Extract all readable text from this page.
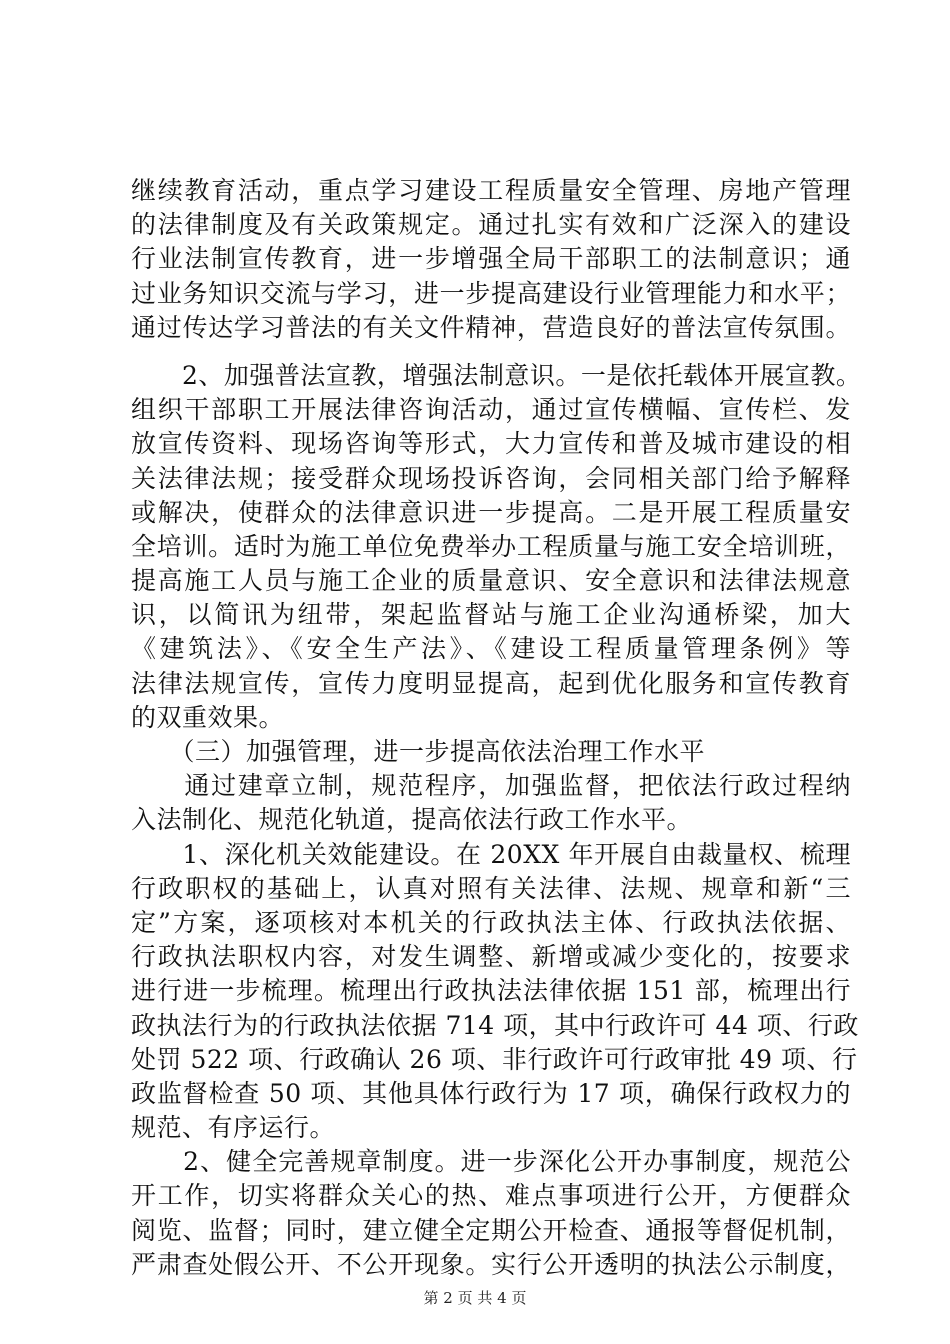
继续教育活动，重点学习建设工程质量安全管理、房地产管理
的法律制度及有关政策规定。通过扎实有效和广泛深入的建设
行业法制宣传教育，进一步增强全局干部职工的法制意识；通
过业务知识交流与学习，进一步提高建设行业管理能力和水平；
通过传达学习普法的有关文件精神，营造良好的普法宣传氛围。
　　2、加强普法宣教，增强法制意识。一是依托载体开展宣教。
组织干部职工开展法律咨询活动，通过宣传横幅、宣传栏、发
放宣传资料、现场咨询等形式，大力宣传和普及城市建设的相
关法律法规；接受群众现场投诉咨询，会同相关部门给予解释
或解决，使群众的法律意识进一步提高。二是开展工程质量安
全培训。适时为施工单位免费举办工程质量与施工安全培训班，
提高施工人员与施工企业的质量意识、安全意识和法律法规意
识，以简讯为纽带，架起监督站与施工企业沟通桥梁，加大
《建筑法》、《安全生产法》、《建设工程质量管理条例》等
法律法规宣传，宣传力度明显提高，起到优化服务和宣传教育
的双重效果。
　　（三）加强管理，进一步提高依法治理工作水平
　　通过建章立制，规范程序，加强监督，把依法行政过程纳
入法制化、规范化轨道，提高依法行政工作水平。
　　1、深化机关效能建设。在 20XX 年开展自由裁量权、梳理
行政职权的基础上，认真对照有关法律、法规、规章和新“三
定”方案，逐项核对本机关的行政执法主体、行政执法依据、
行政执法职权内容，对发生调整、新增或减少变化的，按要求
进行进一步梳理。梳理出行政执法法律依据 151 部，梳理出行
政执法行为的行政执法依据 714 项，其中行政许可 44 项、行政
处罚 522 项、行政确认 26 项、非行政许可行政审批 49 项、行
政监督检查 50 项、其他具体行政行为 17 项，确保行政权力的
规范、有序运行。
　　2、健全完善规章制度。进一步深化公开办事制度，规范公
开工作，切实将群众关心的热、难点事项进行公开，方便群众
阅览、监督；同时，建立健全定期公开检查、通报等督促机制，
严肃查处假公开、不公开现象。实行公开透明的执法公示制度，
第 2 页 共 4 页
